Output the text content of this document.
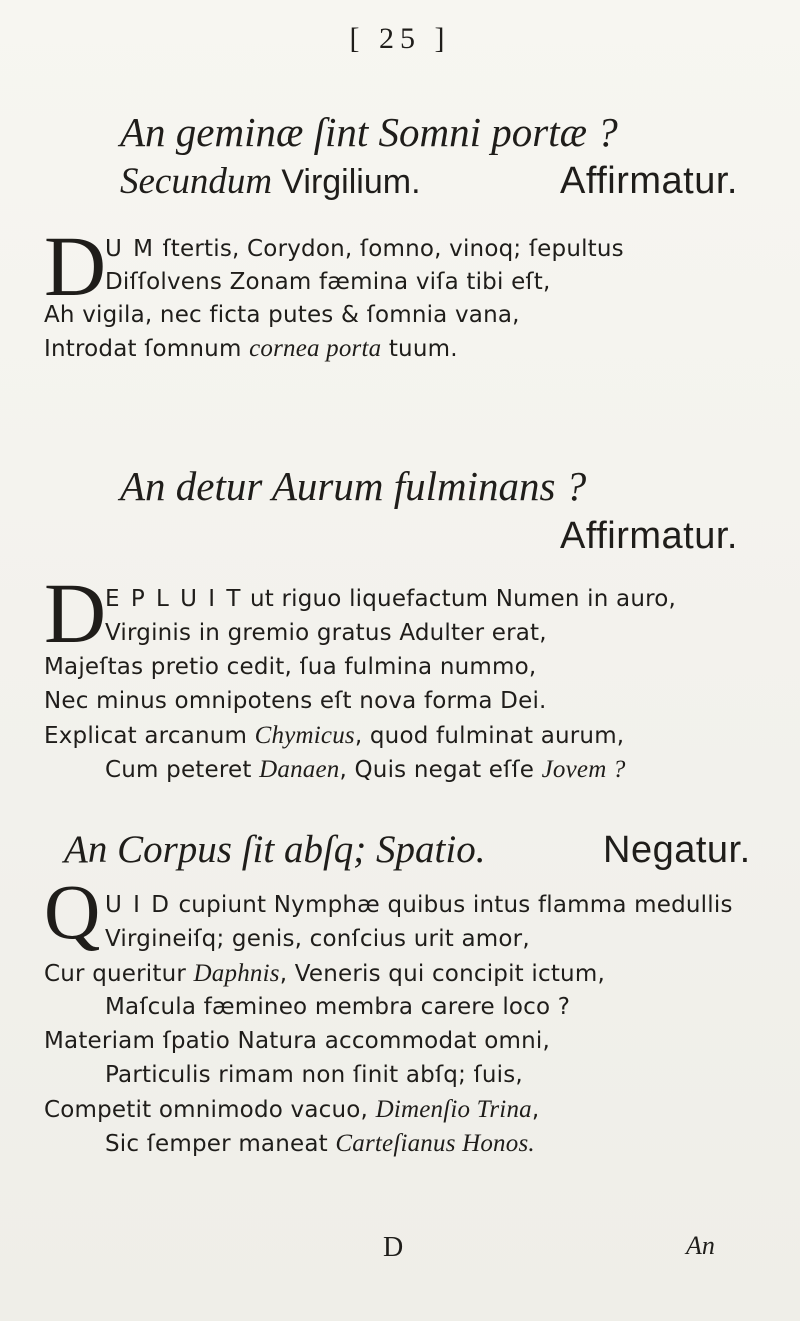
[ 25 ]
An geminæ ſint Somni portæ ?
Secundum Virgilium.	Affirmatur.
D
U M ſtertis, Corydon, ſomno, vinoq; ſepultus
Diſſolvens Zonam fæmina viſa tibi eſt,
Ah vigila, nec ficta putes & ſomnia vana,
Introdat ſomnum cornea porta tuum.
An detur Aurum fulminans ?
Affirmatur.
D
E P L U I T ut riguo liquefactum Numen in auro,
Virginis in gremio gratus Adulter erat,
Majeſtas pretio cedit, ſua fulmina nummo,
Nec minus omnipotens eſt nova forma Dei.
Explicat arcanum Chymicus, quod fulminat aurum,
Cum peteret Danaen, Quis negat eſſe Jovem ?
An Corpus ſit abſq; Spatio.	Negatur.
Q U I D cupiunt Nymphæ quibus intus flamma medullis
Virgineiſq; genis, conſcius urit amor,
Cur queritur Daphnis, Veneris qui concipit ictum,
Maſcula fæmineo membra carere loco ?
Materiam ſpatio Natura accommodat omni,
Particulis rimam non ſinit abſq; ſuis,
Competit omnimodo vacuo, Dimenſio Trina,
Sic ſemper maneat Carteſianus Honos.
D	An
